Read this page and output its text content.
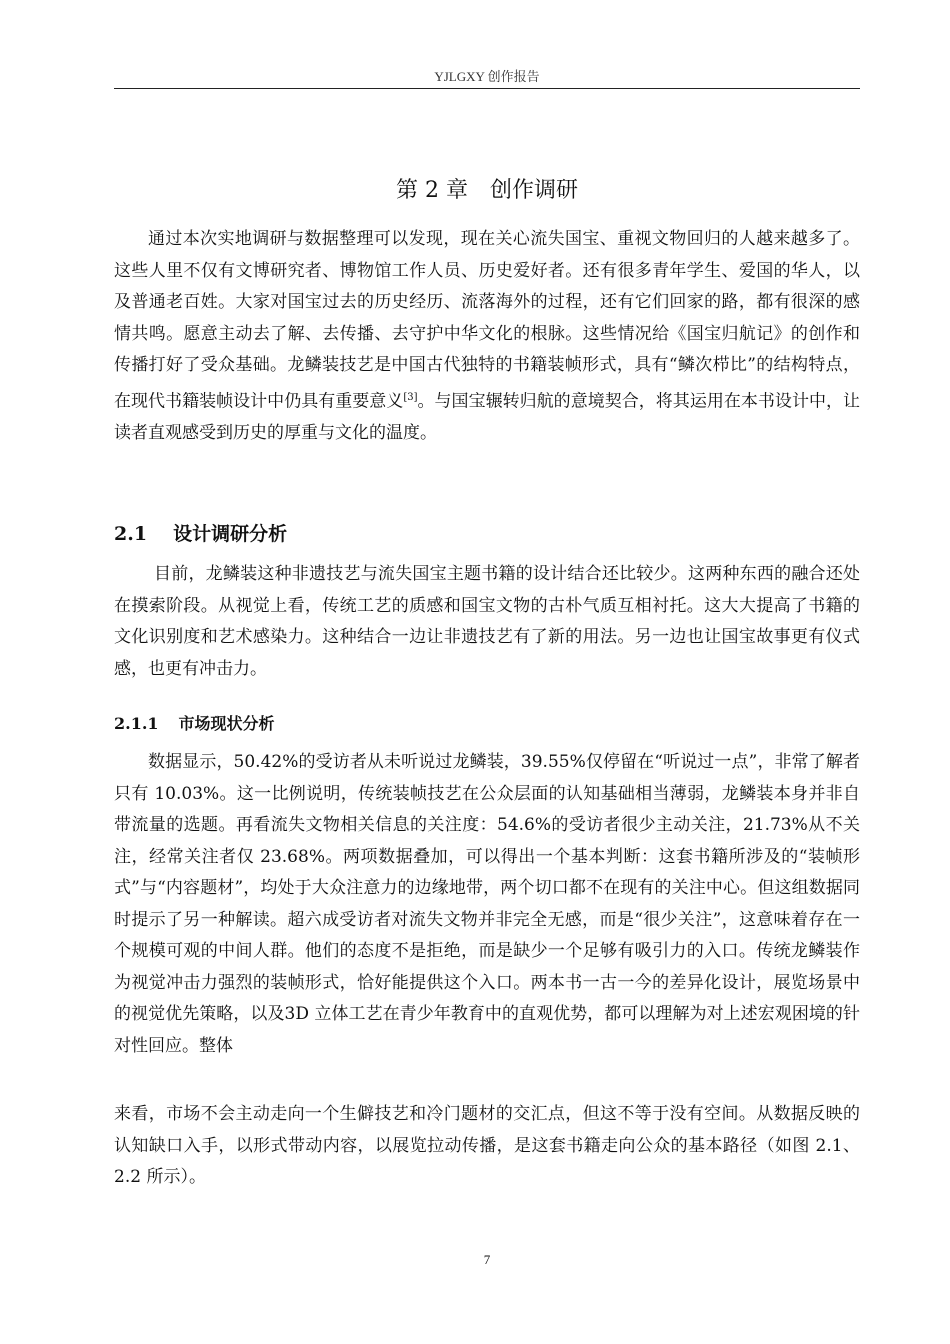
YJLGXY 创作报告
第 2 章　创作调研

通过本次实地调研与数据整理可以发现，现在关心流失国宝、重视文物回归的人越来越多了。这些人里不仅有文博研究者、博物馆工作人员、历史爱好者。还有很多青年学生、爱国的华人，以及普通老百姓。大家对国宝过去的历史经历、流落海外的过程，还有它们回家的路，都有很深的感情共鸣。愿意主动去了解、去传播、去守护中华文化的根脉。这些情况给《国宝归航记》的创作和传播打好了受众基础。龙鳞装技艺是中国古代独特的书籍装帧形式，具有“鳞次栉比”的结构特点，在现代书籍装帧设计中仍具有重要意义[3]。与国宝辗转归航的意境契合，将其运用在本书设计中，让读者直观感受到历史的厚重与文化的温度。

2.1 设计调研分析

目前，龙鳞装这种非遗技艺与流失国宝主题书籍的设计结合还比较少。这两种东西的融合还处在摸索阶段。从视觉上看，传统工艺的质感和国宝文物的古朴气质互相衬托。这大大提高了书籍的文化识别度和艺术感染力。这种结合一边让非遗技艺有了新的用法。另一边也让国宝故事更有仪式感，也更有冲击力。

2.1.1 市场现状分析

数据显示，50.42%的受访者从未听说过龙鳞装，39.55%仅停留在“听说过一点”，非常了解者只有 10.03%。这一比例说明，传统装帧技艺在公众层面的认知基础相当薄弱，龙鳞装本身并非自带流量的选题。再看流失文物相关信息的关注度：54.6%的受访者很少主动关注，21.73%从不关注，经常关注者仅 23.68%。两项数据叠加，可以得出一个基本判断：这套书籍所涉及的“装帧形式”与“内容题材”，均处于大众注意力的边缘地带，两个切口都不在现有的关注中心。但这组数据同时提示了另一种解读。超六成受访者对流失文物并非完全无感，而是“很少关注”，这意味着存在一个规模可观的中间人群。他们的态度不是拒绝，而是缺少一个足够有吸引力的入口。传统龙鳞装作为视觉冲击力强烈的装帧形式，恰好能提供这个入口。两本书一古一今的差异化设计，展览场景中的视觉优先策略，以及3D 立体工艺在青少年教育中的直观优势，都可以理解为对上述宏观困境的针对性回应。整体

来看，市场不会主动走向一个生僻技艺和冷门题材的交汇点，但这不等于没有空间。从数据反映的认知缺口入手，以形式带动内容，以展览拉动传播，是这套书籍走向公众的基本路径（如图 2.1、2.2 所示）。

7
